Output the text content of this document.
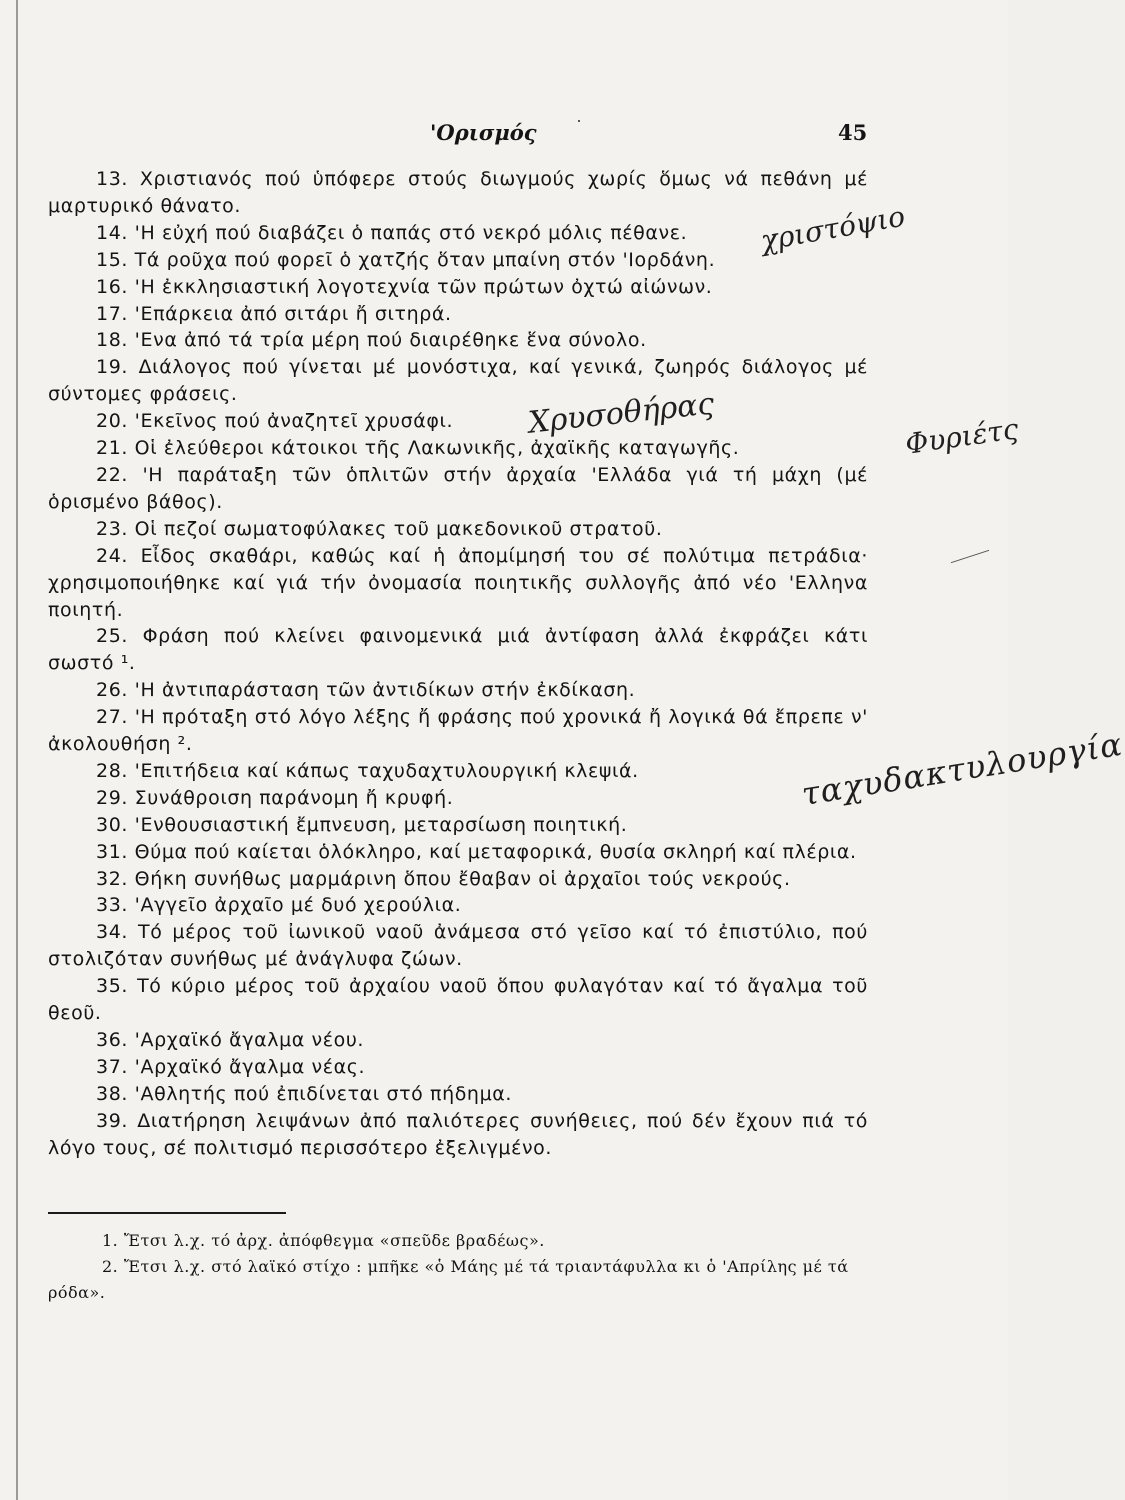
'Ορισμός	45

13. Χριστιανός πού ὑπόφερε στούς διωγμούς χωρίς ὅμως νά πεθάνη μέ μαρτυρικό θάνατο.

14. 'Η εὐχή πού διαβάζει ὁ παπάς στό νεκρό μόλις πέθανε.

15. Τά ροῦχα πού φορεῖ ὁ χατζής ὅταν μπαίνη στόν 'Ιορδάνη.

16. 'Η ἐκκλησιαστική λογοτεχνία τῶν πρώτων ὀχτώ αἰώνων.

17. 'Επάρκεια ἀπό σιτάρι ἤ σιτηρά.

18. 'Ενα ἀπό τά τρία μέρη πού διαιρέθηκε ἕνα σύνολο.

19. Διάλογος πού γίνεται μέ μονόστιχα, καί γενικά, ζωηρός διάλογος μέ σύντομες φράσεις.

20. 'Εκεῖνος πού ἀναζητεῖ χρυσάφι.

21. Οἱ ἐλεύθεροι κάτοικοι τῆς Λακωνικῆς, ἀχαϊκῆς καταγωγῆς.

22. 'Η παράταξη τῶν ὁπλιτῶν στήν ἀρχαία 'Ελλάδα γιά τή μάχη (μέ ὁρισμένο βάθος).

23. Οἱ πεζοί σωματοφύλακες τοῦ μακεδονικοῦ στρατοῦ.

24. Εἶδος σκαθάρι, καθώς καί ἡ ἀπομίμησή του σέ πολύτιμα πετράδια· χρησιμοποιήθηκε καί γιά τήν ὀνομασία ποιητικῆς συλλογῆς ἀπό νέο 'Ελληνα ποιητή.

25. Φράση πού κλείνει φαινομενικά μιά ἀντίφαση ἀλλά ἐκφράζει κάτι σωστό ¹.

26. 'Η ἀντιπαράσταση τῶν ἀντιδίκων στήν ἐκδίκαση.

27. 'Η πρόταξη στό λόγο λέξης ἤ φράσης πού χρονικά ἤ λογικά θά ἔπρεπε ν' ἀκολουθήση ².

28. 'Επιτήδεια καί κάπως ταχυδαχτυλουργική κλεψιά.

29. Συνάθροιση παράνομη ἤ κρυφή.

30. 'Ενθουσιαστική ἔμπνευση, μεταρσίωση ποιητική.

31. Θύμα πού καίεται ὁλόκληρο, καί μεταφορικά, θυσία σκληρή καί πλέρια.

32. Θήκη συνήθως μαρμάρινη ὅπου ἔθαβαν οἱ ἀρχαῖοι τούς νεκρούς.

33. 'Αγγεῖο ἀρχαῖο μέ δυό χερούλια.

34. Τό μέρος τοῦ ἰωνικοῦ ναοῦ ἀνάμεσα στό γεῖσο καί τό ἐπιστύλιο, πού στολιζόταν συνήθως μέ ἀνάγλυφα ζώων.

35. Τό κύριο μέρος τοῦ ἀρχαίου ναοῦ ὅπου φυλαγόταν καί τό ἄγαλμα τοῦ θεοῦ.

36. 'Αρχαϊκό ἄγαλμα νέου.

37. 'Αρχαϊκό ἄγαλμα νέας.

38. 'Αθλητής πού ἐπιδίνεται στό πήδημα.

39. Διατήρηση λειψάνων ἀπό παλιότερες συνήθειες, πού δέν ἔχουν πιά τό λόγο τους, σέ πολιτισμό περισσότερο ἐξελιγμένο.

χριστόψιο
Χρυσοθήρας	Φυριέτς
ταχυδακτυλουργία

1. Ἔτσι λ.χ. τό ἀρχ. ἀπόφθεγμα «σπεῦδε βραδέως».

2. Ἔτσι λ.χ. στό λαϊκό στίχο : μπῆκε «ὁ Μάης μέ τά τριαντάφυλλα κι ὁ 'Απρίλης μέ τά ρόδα».
